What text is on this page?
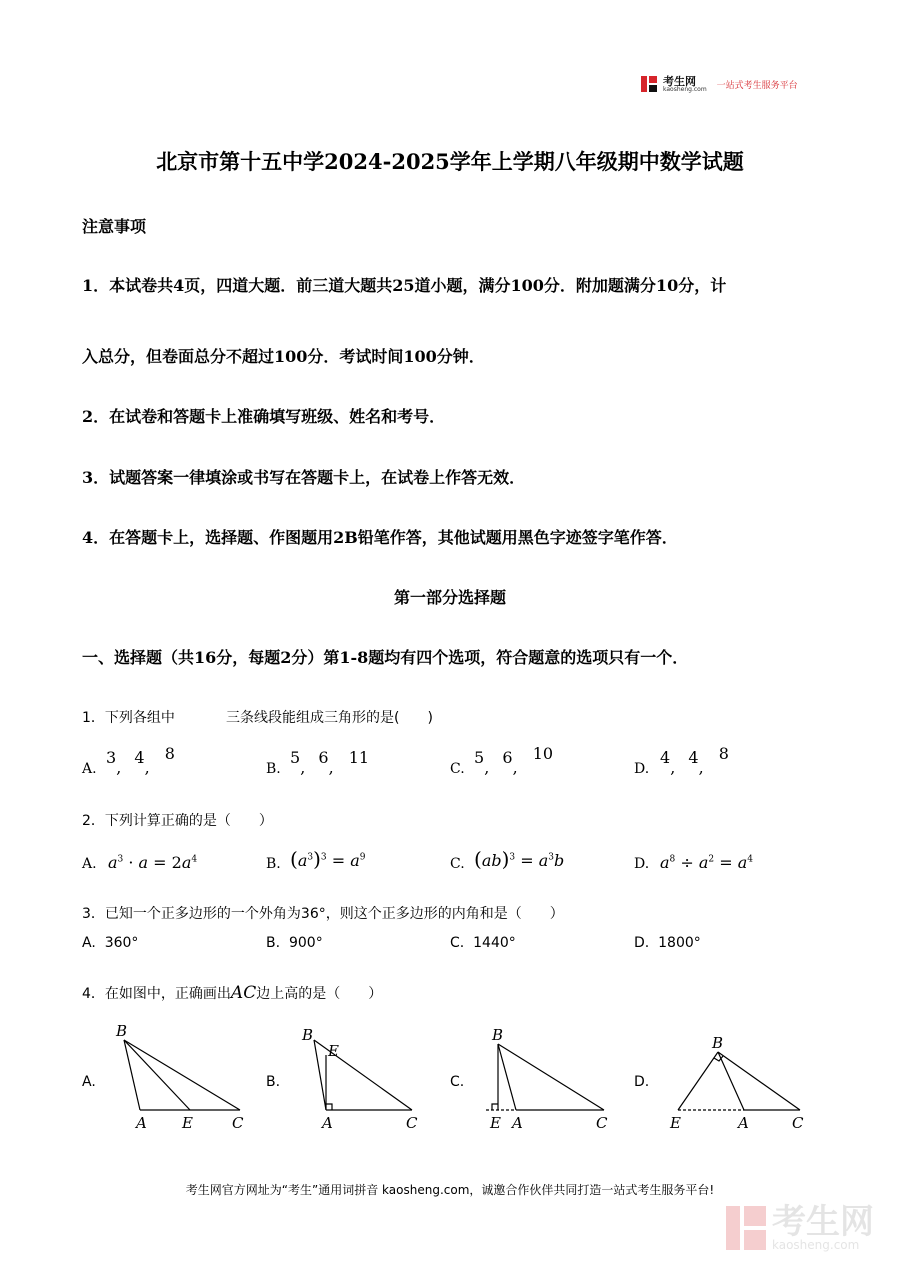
考生网
kaosheng.com 一站式考生服务平台
北京市第十五中学2024-2025学年上学期八年级期中数学试题
注意事项
1．本试卷共4页，四道大题．前三道大题共25道小题，满分100分．附加题满分10分，计
入总分，但卷面总分不超过100分．考试时间100分钟．
2．在试卷和答题卡上准确填写班级、姓名和考号．
3．试题答案一律填涂或书写在答题卡上，在试卷上作答无效．
4．在答题卡上，选择题、作图题用2B铅笔作答，其他试题用黑色字迹签字笔作答．
第一部分选择题
一、选择题（共16分，每题2分）第1-8题均有四个选项，符合题意的选项只有一个．
1．下列各组中	三条线段能组成三角形的是(　　)
A.
3, 4, 8
B.
5, 6, 11
C.
5, 6, 10
D.
4, 4, 8
2．下列计算正确的是（　　）
A. $a^3 \cdot a = 2a^4$	B. $(a^3)^3 = a^9$	C. $(ab)^3 = a^3b$	D. $a^8 \div a^2 = a^4$
3．已知一个正多边形的一个外角为36°，则这个正多边形的内角和是（　　）
A. 360°	B. 900°	C. 1440°	D. 1800°
4．在如图中，正确画出AC边上高的是（　　）
A.	B.	C.	D.
B
A E	C
B
E
A	C
B
E A	C
B
E	A	C
考生网官方网址为“考生”通用词拼音 kaosheng.com，诚邀合作伙伴共同打造一站式考生服务平台!
考生网
kaosheng.com
